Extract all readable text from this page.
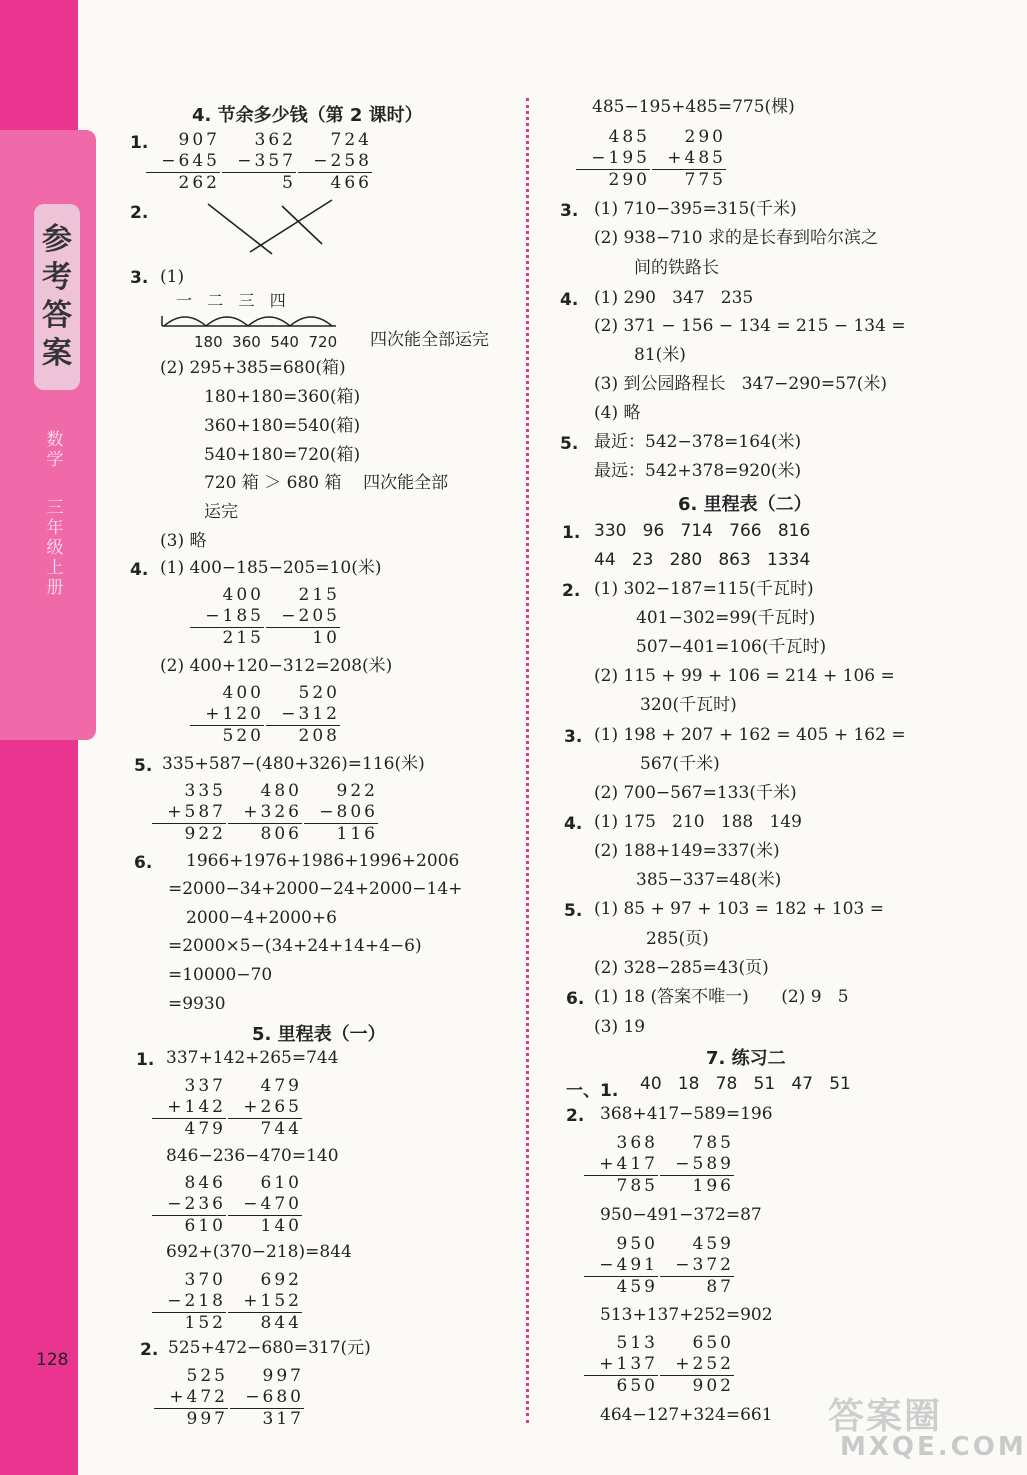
参
考
答
案
数
学
三
年
级
上
册
128
4. 节余多少钱（第 2 课时）
1.	907
−645
262
362
−357
5
724
−258
466
2.
3. (1)
一   二   三   四
180  360  540  720 四次能全部运完
(2) 295+385=680(箱)
180+180=360(箱)
360+180=540(箱)
540+180=720(箱)
720 箱 ＞ 680 箱    四次能全部
运完
(3) 略
4. (1) 400−185−205=10(米)
400
−185
215
215
−205
10
(2) 400+120−312=208(米)
400
+120
520
520
−312
208
5. 335+587−(480+326)=116(米)
335
+587
922
480
+326
806
922
−806
116
6. 1966+1976+1986+1996+2006
=2000−34+2000−24+2000−14+
2000−4+2000+6
=2000×5−(34+24+14+4−6)
=10000−70
=9930
5. 里程表（一）
1. 337+142+265=744
337
+142
479
479
+265
744
846−236−470=140
846
−236
610
610
−470
140
692+(370−218)=844
370
−218
152
692
+152
844
2. 525+472−680=317(元)
525
+472
997
997
−680
317
485−195+485=775(棵)
485
−195
290
290
+485
775
3. (1) 710−395=315(千米)
(2) 938−710 求的是长春到哈尔滨之
间的铁路长
4. (1) 290   347   235
(2) 371 − 156 − 134 = 215 − 134 =
81(米)
(3) 到公园路程长   347−290=57(米)
(4) 略
5. 最近：542−378=164(米)
最远：542+378=920(米)
6. 里程表（二）
1. 330   96   714   766   816
44   23   280   863   1334
2. (1) 302−187=115(千瓦时)
401−302=99(千瓦时)
507−401=106(千瓦时)
(2) 115 + 99 + 106 = 214 + 106 =
320(千瓦时)
3. (1) 198 + 207 + 162 = 405 + 162 =
567(千米)
(2) 700−567=133(千米)
4. (1) 175   210   188   149
(2) 188+149=337(米)
385−337=48(米)
5. (1) 85 + 97 + 103 = 182 + 103 =
285(页)
(2) 328−285=43(页)
6. (1) 18 (答案不唯一)      (2) 9   5
(3) 19
7. 练习二
一、1. 40   18   78   51   47   51
2. 368+417−589=196
368
+417
785
785
−589
196
950−491−372=87
950
−491
459
459
−372
87
513+137+252=902
513
+137
650
650
+252
902
464−127+324=661 答案圈
MXQE.COM
